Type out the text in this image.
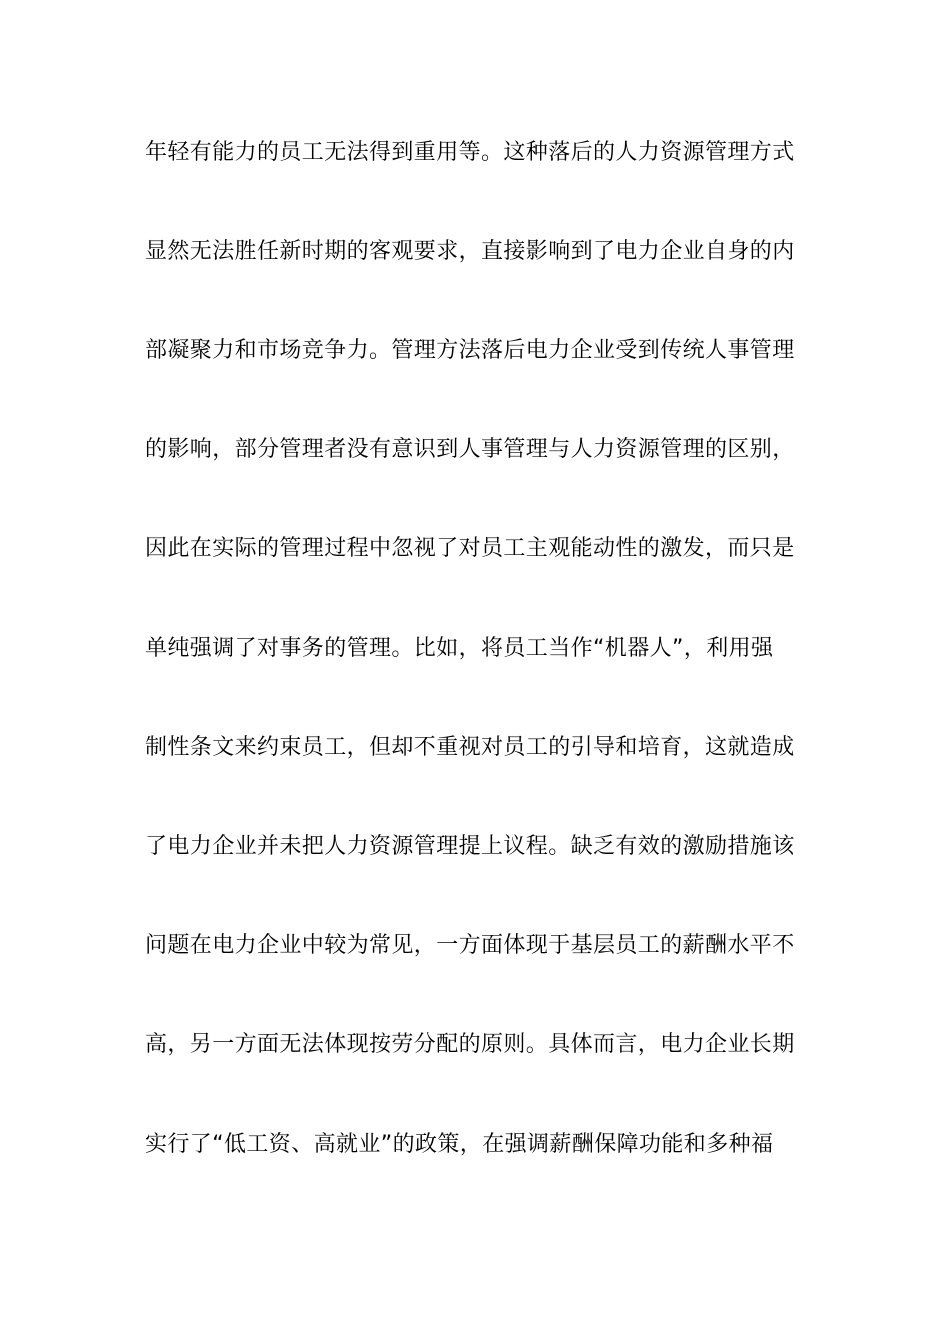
年轻有能力的员工无法得到重用等。这种落后的人力资源管理方式
显然无法胜任新时期的客观要求，直接影响到了电力企业自身的内
部凝聚力和市场竞争力。管理方法落后电力企业受到传统人事管理
的影响，部分管理者没有意识到人事管理与人力资源管理的区别，
因此在实际的管理过程中忽视了对员工主观能动性的激发，而只是
单纯强调了对事务的管理。比如，将员工当作“机器人”，利用强
制性条文来约束员工，但却不重视对员工的引导和培育，这就造成
了电力企业并未把人力资源管理提上议程。缺乏有效的激励措施该
问题在电力企业中较为常见，一方面体现于基层员工的薪酬水平不
高，另一方面无法体现按劳分配的原则。具体而言，电力企业长期
实行了“低工资、高就业”的政策，在强调薪酬保障功能和多种福
